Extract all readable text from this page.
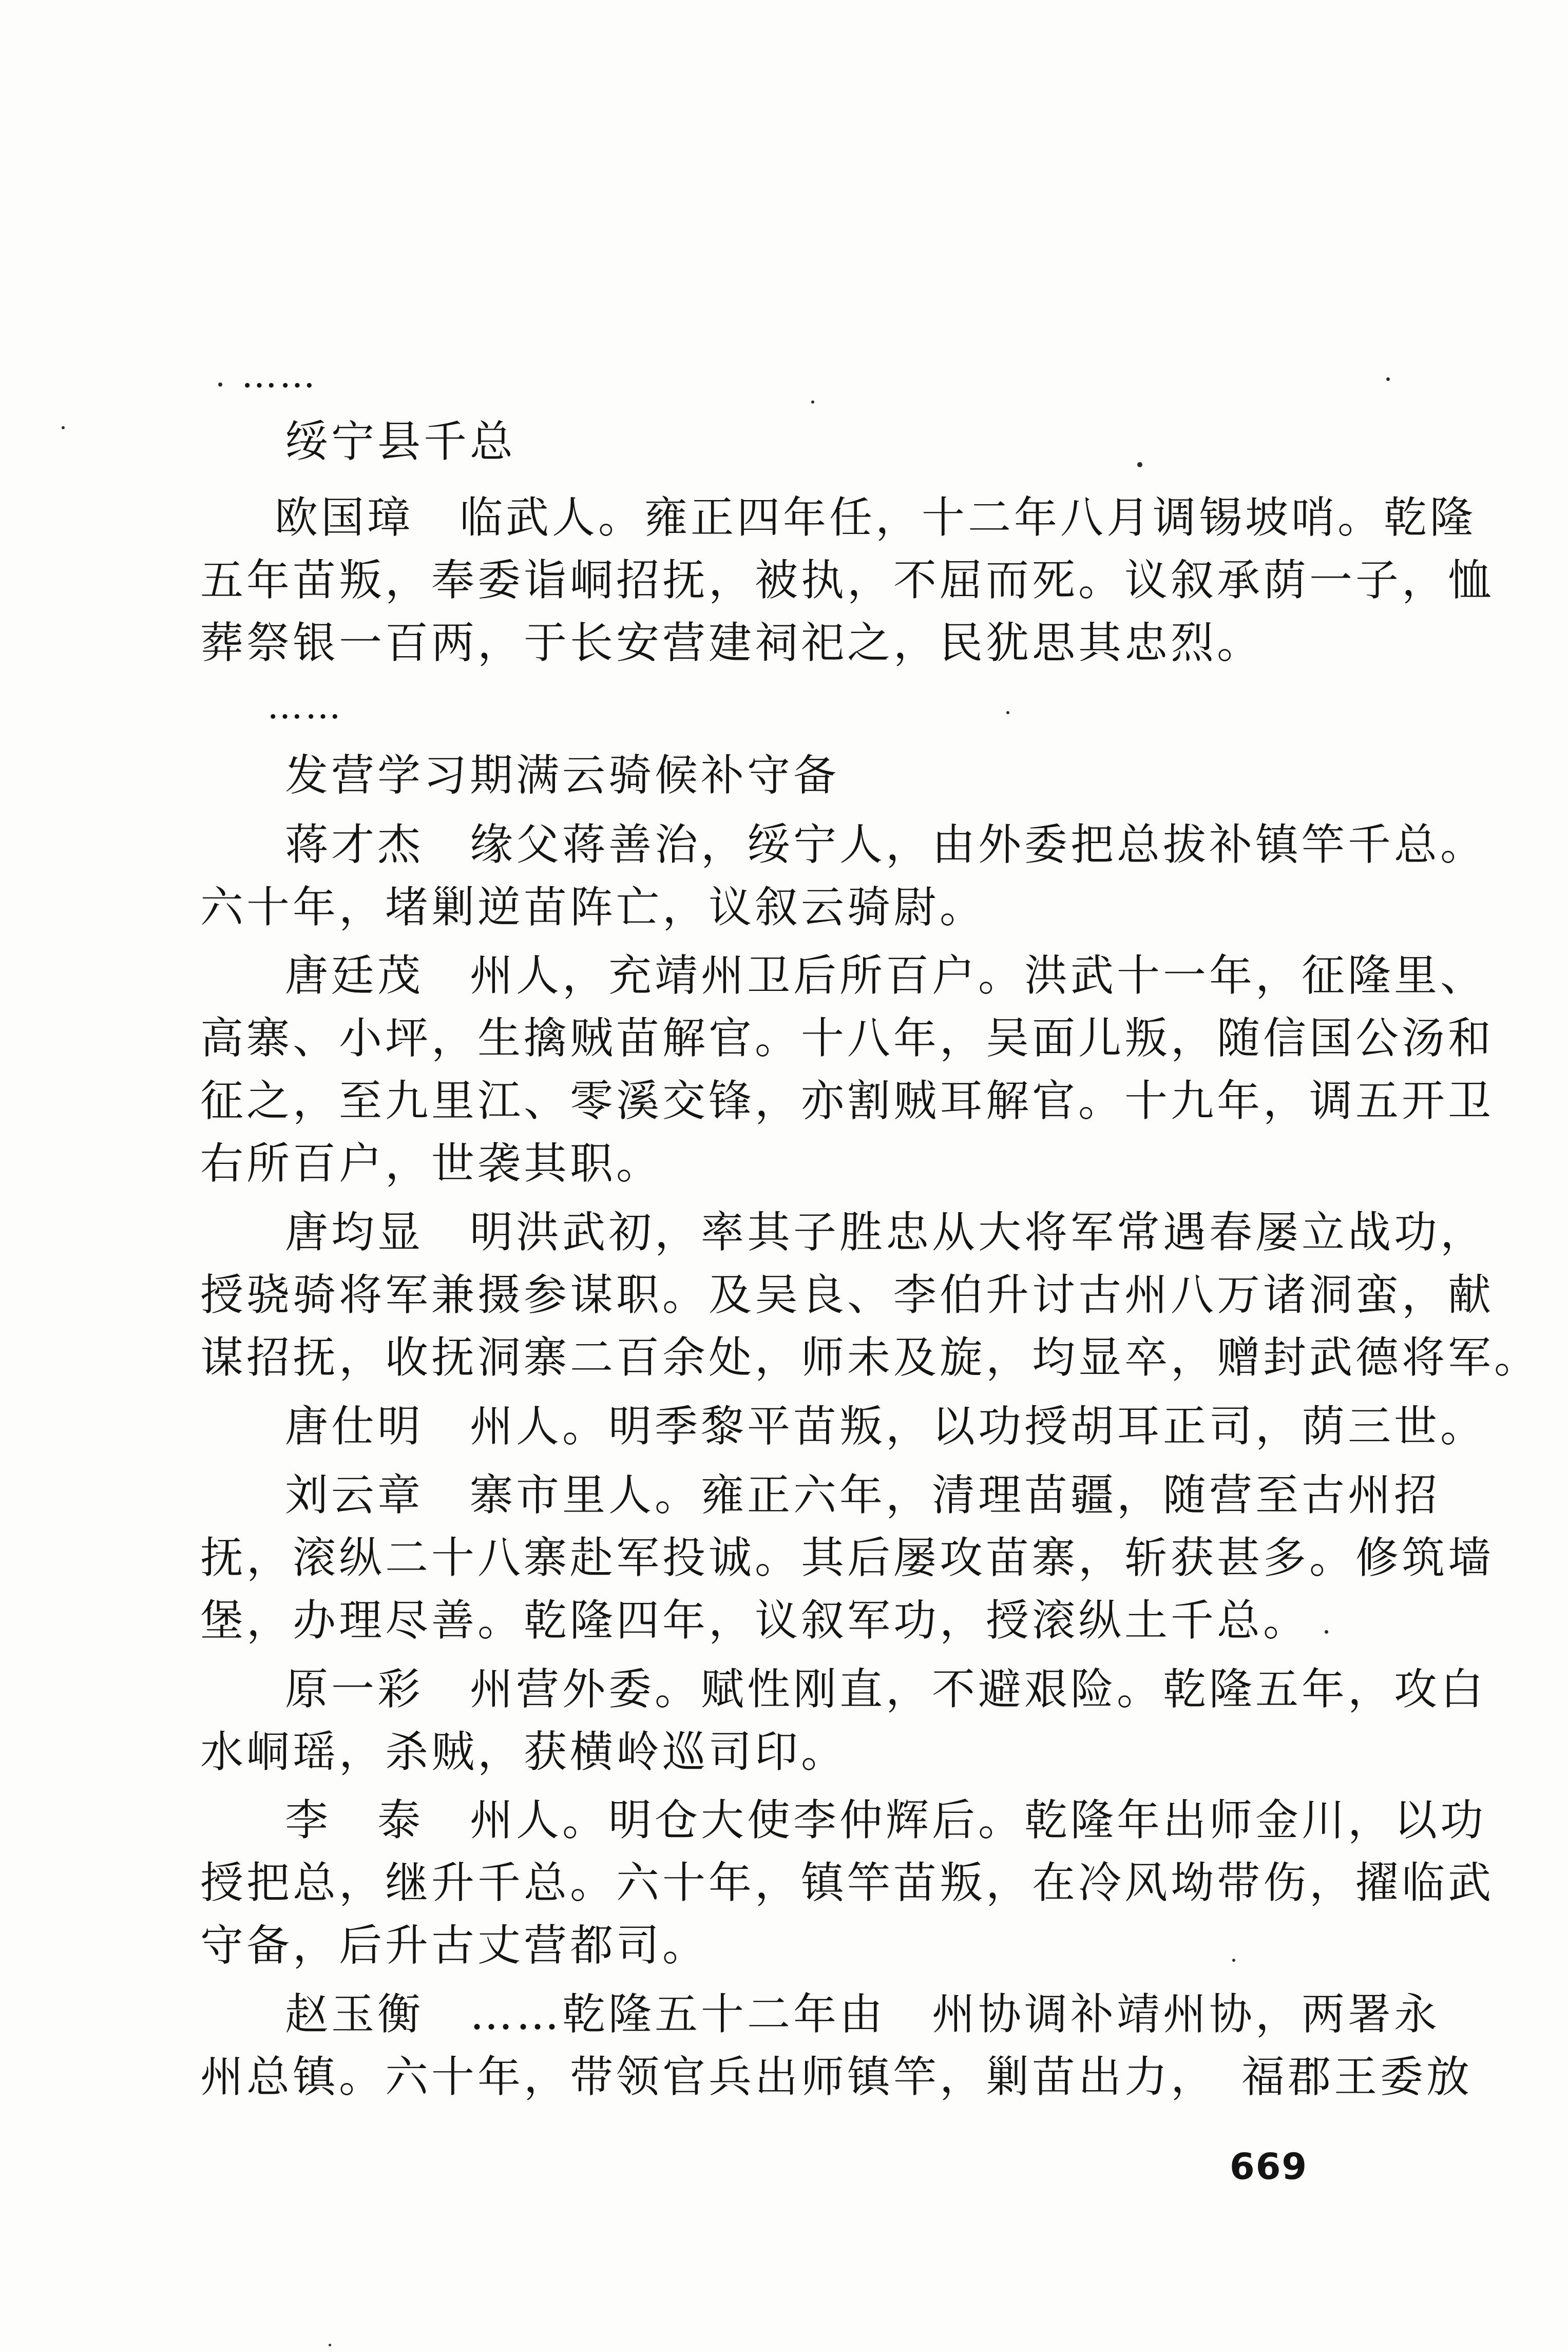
……
……
绥宁县千总
欧国璋　临武人。雍正四年任，十二年八月调锡坡哨。乾隆
五年苗叛，奉委诣峒招抚，被执，不屈而死。议叙承荫一子，恤
葬祭银一百两，于长安营建祠祀之，民犹思其忠烈。
发营学习期满云骑候补守备
蒋才杰　缘父蒋善治，绥宁人，由外委把总拔补镇竿千总。
六十年，堵剿逆苗阵亡，议叙云骑尉。
唐廷茂　州人，充靖州卫后所百户。洪武十一年，征隆里、
高寨、小坪，生擒贼苗解官。十八年，吴面儿叛，随信国公汤和
征之，至九里江、零溪交锋，亦割贼耳解官。十九年，调五开卫
右所百户，世袭其职。
唐均显　明洪武初，率其子胜忠从大将军常遇春屡立战功，
授骁骑将军兼摄参谋职。及吴良、李伯升讨古州八万诸洞蛮，献
谋招抚，收抚洞寨二百余处，师未及旋，均显卒，赠封武德将军。
唐仕明　州人。明季黎平苗叛，以功授胡耳正司，荫三世。
刘云章　寨市里人。雍正六年，清理苗疆，随营至古州招
抚，滚纵二十八寨赴军投诚。其后屡攻苗寨，斩获甚多。修筑墙
堡，办理尽善。乾隆四年，议叙军功，授滚纵土千总。
原一彩　州营外委。赋性刚直，不避艰险。乾隆五年，攻白
水峒瑶，杀贼，获横岭巡司印。
李　泰　州人。明仓大使李仲辉后。乾隆年出师金川，以功
授把总，继升千总。六十年，镇竿苗叛，在冷风坳带伤，擢临武
守备，后升古丈营都司。
赵玉衡　……乾隆五十二年由　州协调补靖州协，两署永
州总镇。六十年，带领官兵出师镇竿，剿苗出力，　福郡王委放
669
